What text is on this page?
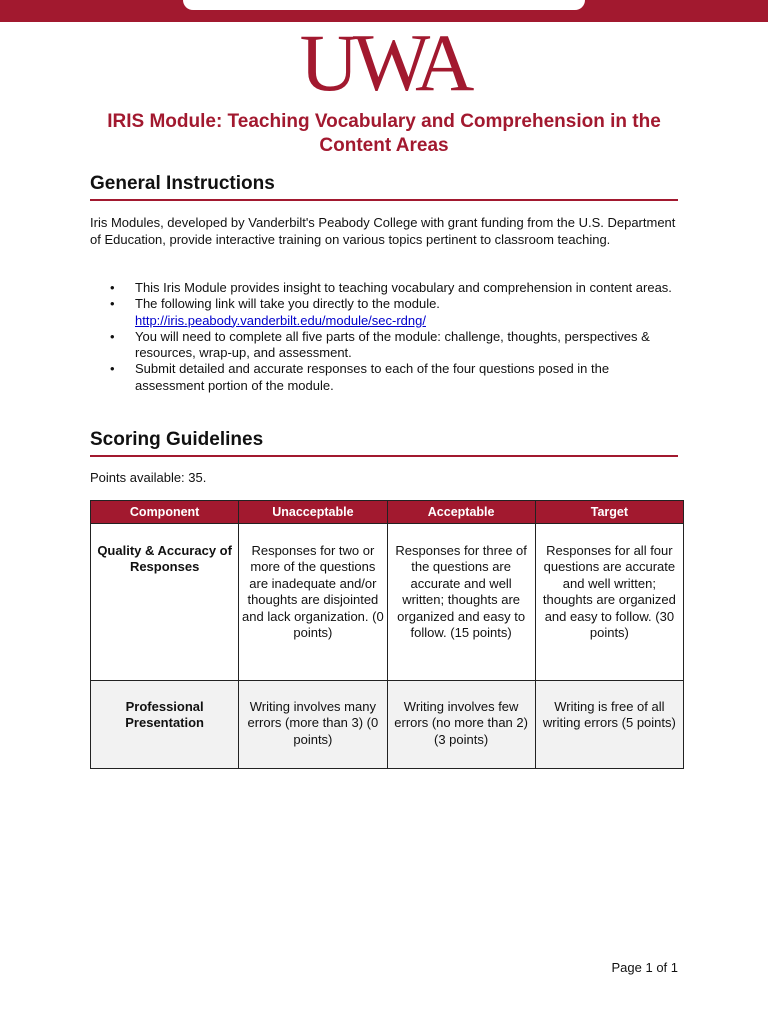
UWA
IRIS Module: Teaching Vocabulary and Comprehension in the Content Areas
General Instructions
Iris Modules, developed by Vanderbilt's Peabody College with grant funding from the U.S. Department of Education, provide interactive training on various topics pertinent to classroom teaching.
• This Iris Module provides insight to teaching vocabulary and comprehension in content areas.
• The following link will take you directly to the module.
http://iris.peabody.vanderbilt.edu/module/sec-rdng/
• You will need to complete all five parts of the module: challenge, thoughts, perspectives & resources, wrap-up, and assessment.
• Submit detailed and accurate responses to each of the four questions posed in the assessment portion of the module.
Scoring Guidelines
Points available: 35.
Component	Unacceptable	Acceptable	Target
Quality & Accuracy of Responses	Responses for two or more of the questions are inadequate and/or thoughts are disjointed and lack organization. (0 points)	Responses for three of the questions are accurate and well written; thoughts are organized and easy to follow. (15 points)	Responses for all four questions are accurate and well written; thoughts are organized and easy to follow. (30 points)
Professional Presentation	Writing involves many errors (more than 3) (0 points)	Writing involves few errors (no more than 2) (3 points)	Writing is free of all writing errors (5 points)
Page 1 of 1
